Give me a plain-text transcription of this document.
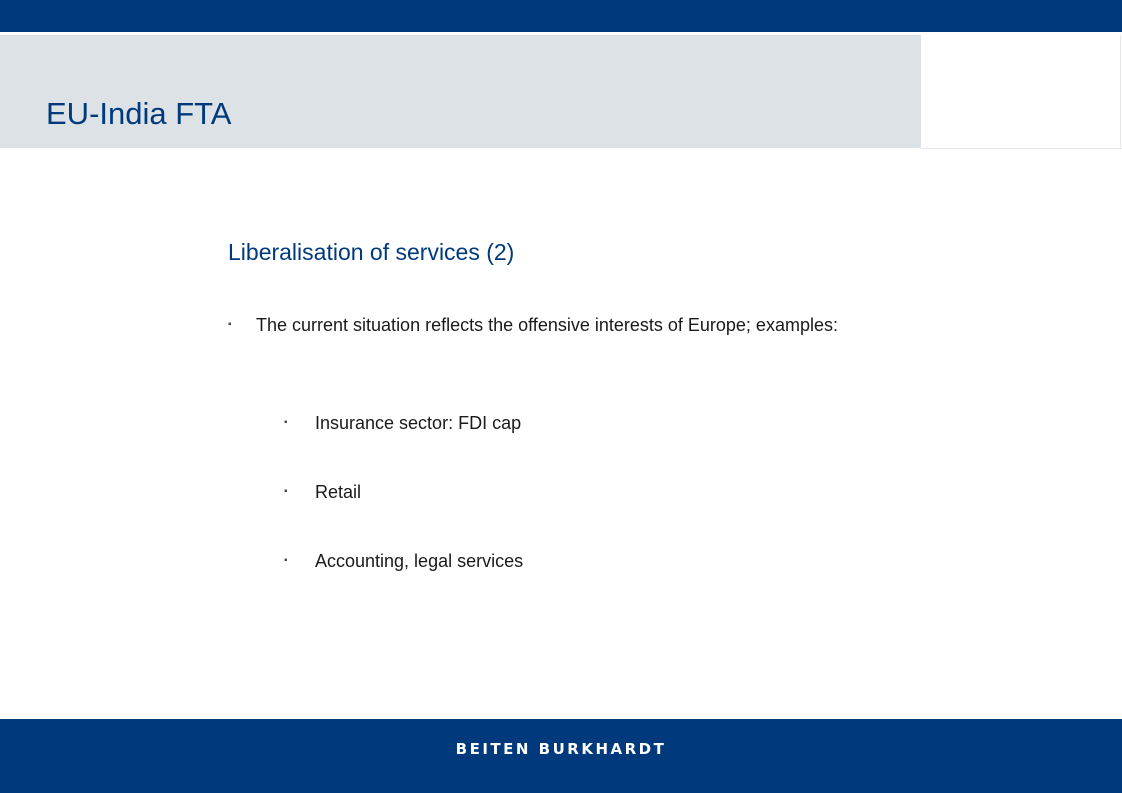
EU-India FTA
Liberalisation of services (2)
▪	The current situation reflects the offensive interests of Europe; examples:
▪	Insurance sector: FDI cap
▪	Retail
▪	Accounting, legal services
BEITEN BURKHARDT
